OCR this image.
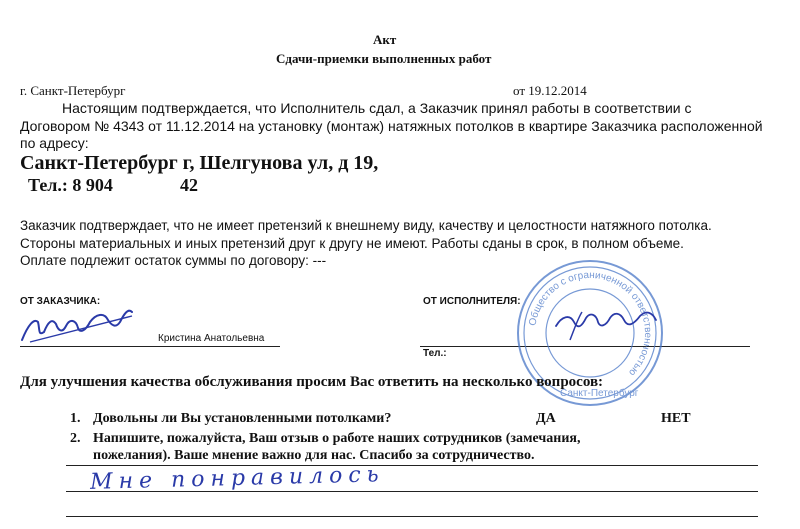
Акт
Сдачи-приемки выполненных работ
г. Санкт-Петербург	от 19.12.2014
Настоящим подтверждается, что Исполнитель сдал, а Заказчик принял работы в соответствии с
Договором № 4343 от 11.12.2014 на установку (монтаж) натяжных потолков в квартире Заказчика расположенной
по адресу:
Санкт-Петербург г, Шелгунова ул, д 19,
Тел.: 8 904	42
Заказчик подтверждает, что не имеет претензий к внешнему виду, качеству и целостности натяжного потолка.
Стороны материальных и иных претензий друг к другу не имеют. Работы сданы в срок, в полном объеме.
Оплате подлежит остаток суммы по договору: ---
ОТ ЗАКАЗЧИКА:
Кристина Анатольевна
ОТ ИСПОЛНИТЕЛЯ:
Тел.:
Общество с ограниченной ответственностью
Санкт-Петербург
Для улучшения качества обслуживания просим Вас ответить на несколько вопросов:
1. Довольны ли Вы установленными потолками?	ДА	НЕТ
2. Напишите, пожалуйста, Ваш отзыв о работе наших сотрудников (замечания,
пожелания). Ваше мнение важно для нас. Спасибо за сотрудничество.
Мне понравилось
